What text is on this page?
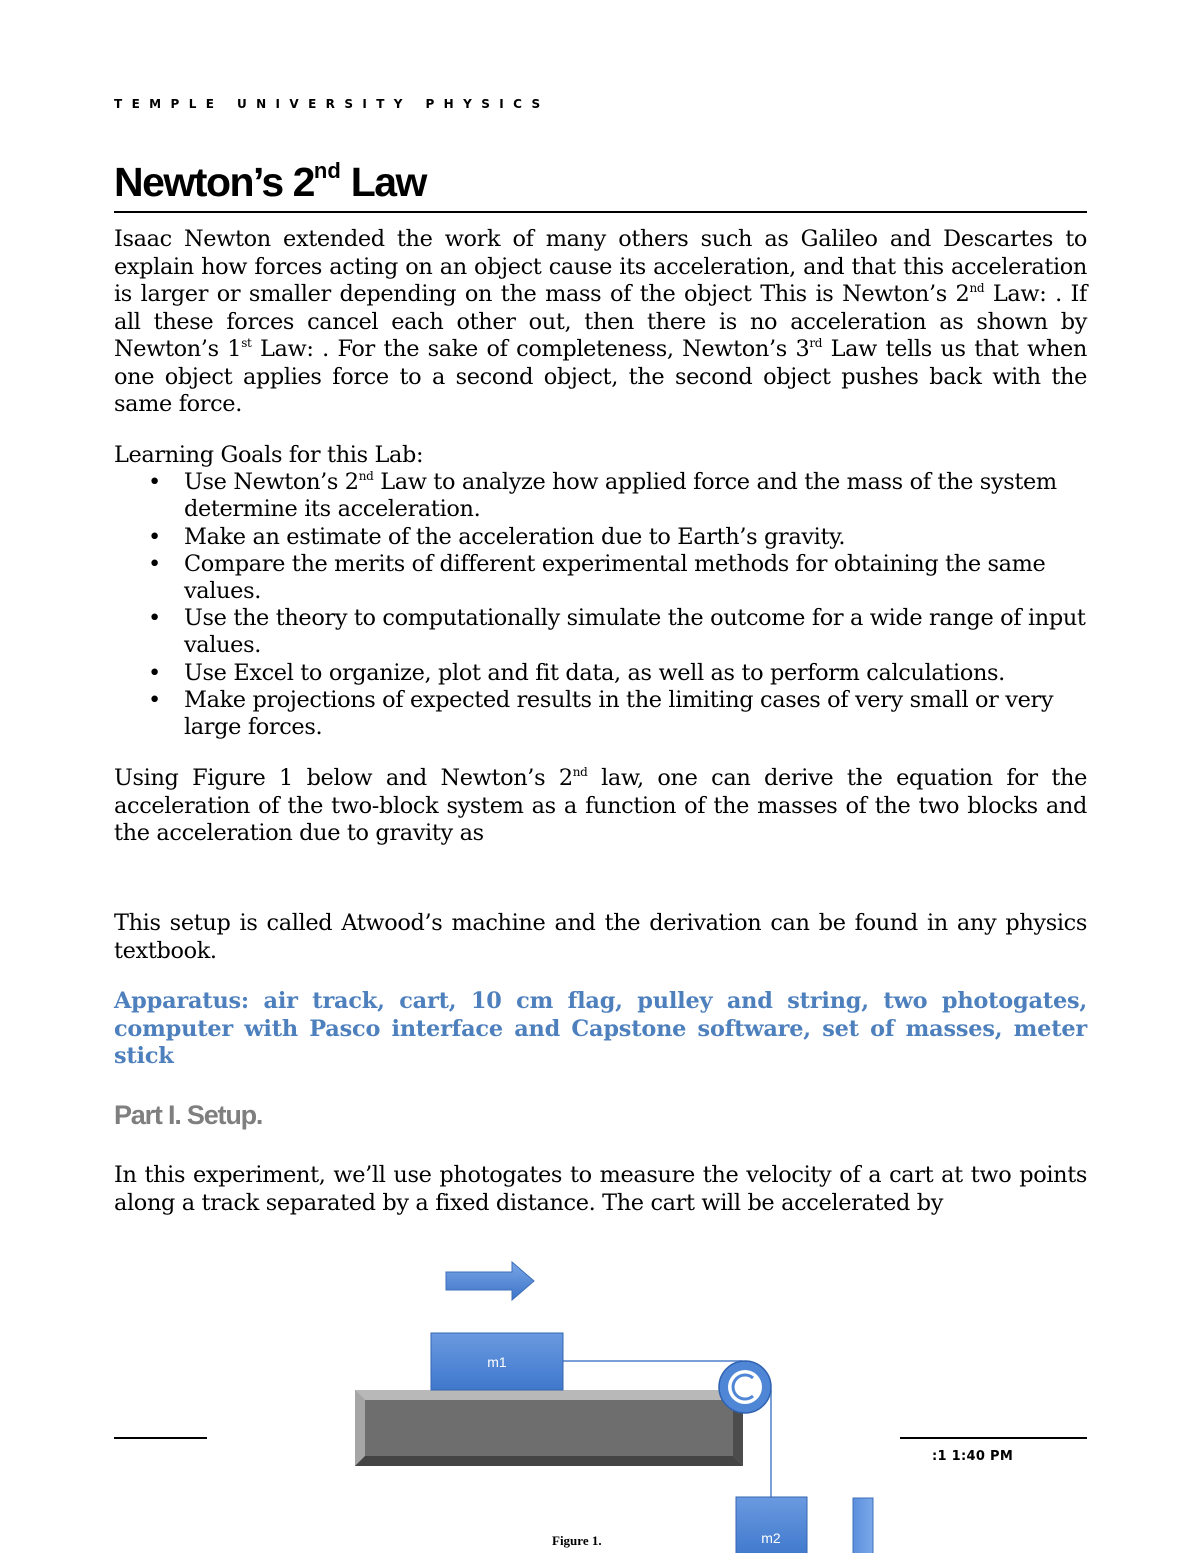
TEMPLE UNIVERSITY PHYSICS
Newton’s 2nd Law
Isaac Newton extended the work of many others such as Galileo and Descartes to explain how forces acting on an object cause its acceleration, and that this acceleration is larger or smaller depending on the mass of the object This is Newton’s 2nd Law: . If all these forces cancel each other out, then there is no acceleration as shown by Newton’s 1st Law: . For the sake of completeness, Newton’s 3rd Law tells us that when one object applies force to a second object, the second object pushes back with the same force.
Learning Goals for this Lab:
• Use Newton’s 2nd Law to analyze how applied force and the mass of the system determine its acceleration.
• Make an estimate of the acceleration due to Earth’s gravity.
• Compare the merits of different experimental methods for obtaining the same values.
• Use the theory to computationally simulate the outcome for a wide range of input values.
• Use Excel to organize, plot and fit data, as well as to perform calculations.
• Make projections of expected results in the limiting cases of very small or very large forces.
Using Figure 1 below and Newton’s 2nd law, one can derive the equation for the acceleration of the two-block system as a function of the masses of the two blocks and the acceleration due to gravity as
This setup is called Atwood’s machine and the derivation can be found in any physics textbook.
Apparatus: air track, cart, 10 cm flag, pulley and string, two photogates, computer with Pasco interface and Capstone software, set of masses, meter stick
Part I. Setup.
In this experiment, we’ll use photogates to measure the velocity of a cart at two points along a track separated by a fixed distance. The cart will be accelerated by
m1
m2
:1 1:40 PM
Figure 1.
